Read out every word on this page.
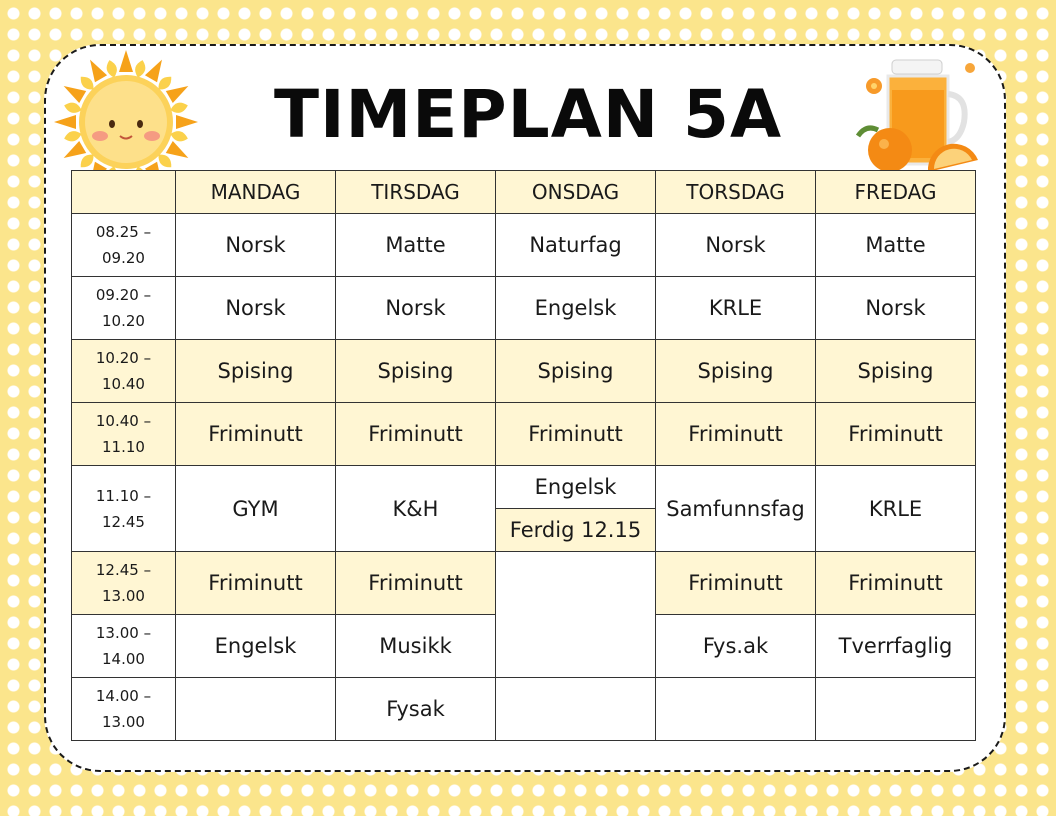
TIMEPLAN 5A
	MANDAG	TIRSDAG	ONSDAG	TORSDAG	FREDAG
08.25 –
09.20	Norsk	Matte	Naturfag	Norsk	Matte
09.20 –
10.20	Norsk	Norsk	Engelsk	KRLE	Norsk
10.20 –
10.40	Spising	Spising	Spising	Spising	Spising
10.40 –
11.10	Friminutt	Friminutt	Friminutt	Friminutt	Friminutt
11.10 –
12.45	GYM	K&H	Engelsk	Samfunnsfag	KRLE
			Ferdig 12.15		
12.45 –
13.00	Friminutt	Friminutt		Friminutt	Friminutt
13.00 –
14.00	Engelsk	Musikk		Fys.ak	Tverrfaglig
14.00 –
13.00		Fysak			
